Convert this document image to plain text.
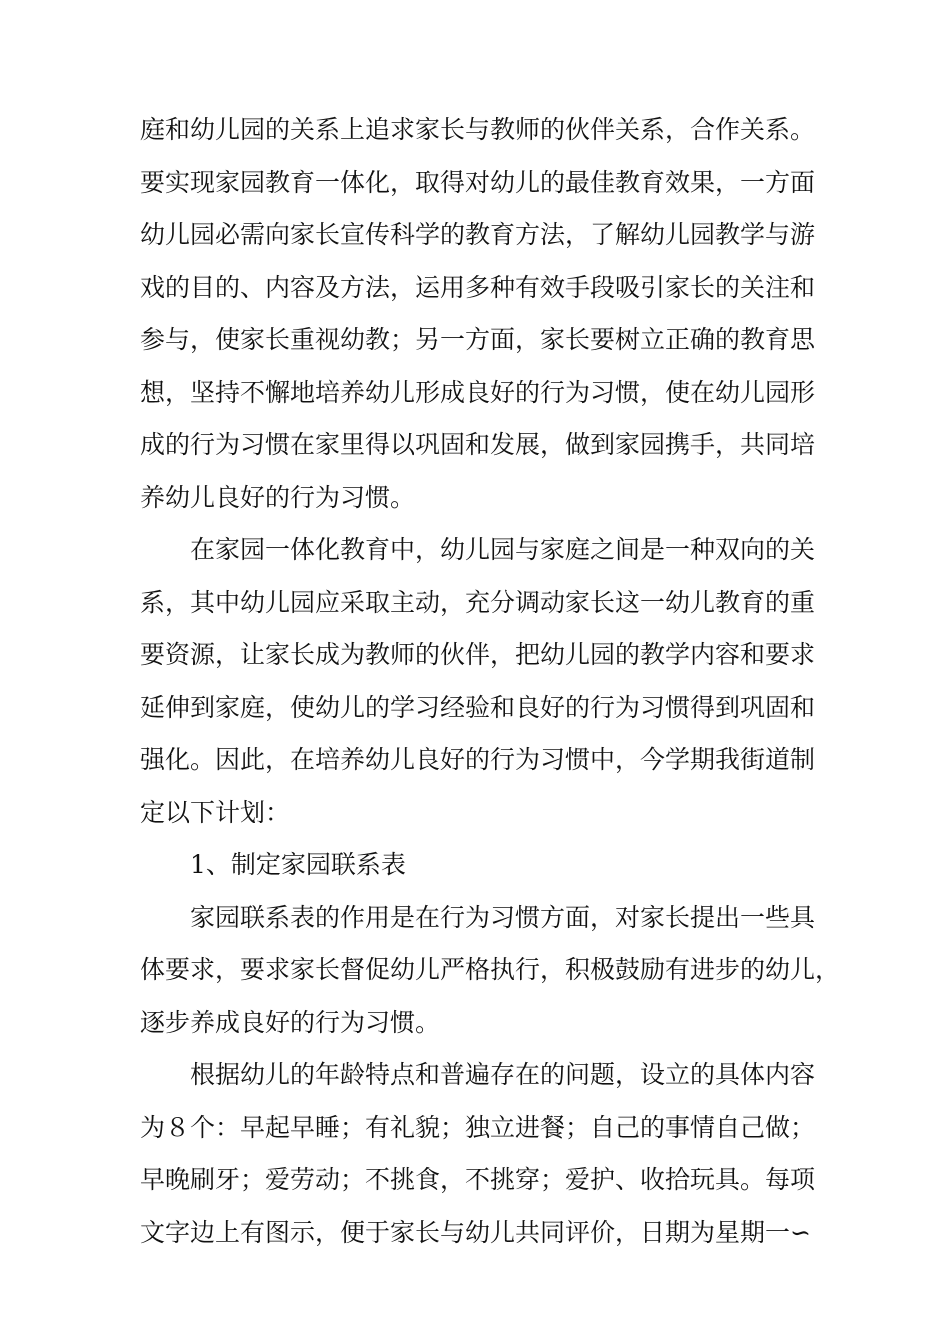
庭和幼儿园的关系上追求家长与教师的伙伴关系，合作关系。
要实现家园教育一体化，取得对幼儿的最佳教育效果，一方面
幼儿园必需向家长宣传科学的教育方法，了解幼儿园教学与游
戏的目的、内容及方法，运用多种有效手段吸引家长的关注和
参与，使家长重视幼教；另一方面，家长要树立正确的教育思
想，坚持不懈地培养幼儿形成良好的行为习惯，使在幼儿园形
成的行为习惯在家里得以巩固和发展，做到家园携手，共同培
养幼儿良好的行为习惯。
在家园一体化教育中，幼儿园与家庭之间是一种双向的关
系，其中幼儿园应采取主动，充分调动家长这一幼儿教育的重
要资源，让家长成为教师的伙伴，把幼儿园的教学内容和要求
延伸到家庭，使幼儿的学习经验和良好的行为习惯得到巩固和
强化。因此，在培养幼儿良好的行为习惯中，今学期我街道制
定以下计划：
1、制定家园联系表
家园联系表的作用是在行为习惯方面，对家长提出一些具
体要求，要求家长督促幼儿严格执行，积极鼓励有进步的幼儿，
逐步养成良好的行为习惯。
根据幼儿的年龄特点和普遍存在的问题，设立的具体内容
为８个：早起早睡；有礼貌；独立进餐；自己的事情自己做；
早晚刷牙；爱劳动；不挑食，不挑穿；爱护、收拾玩具。每项
文字边上有图示，便于家长与幼儿共同评价，日期为星期一∽
